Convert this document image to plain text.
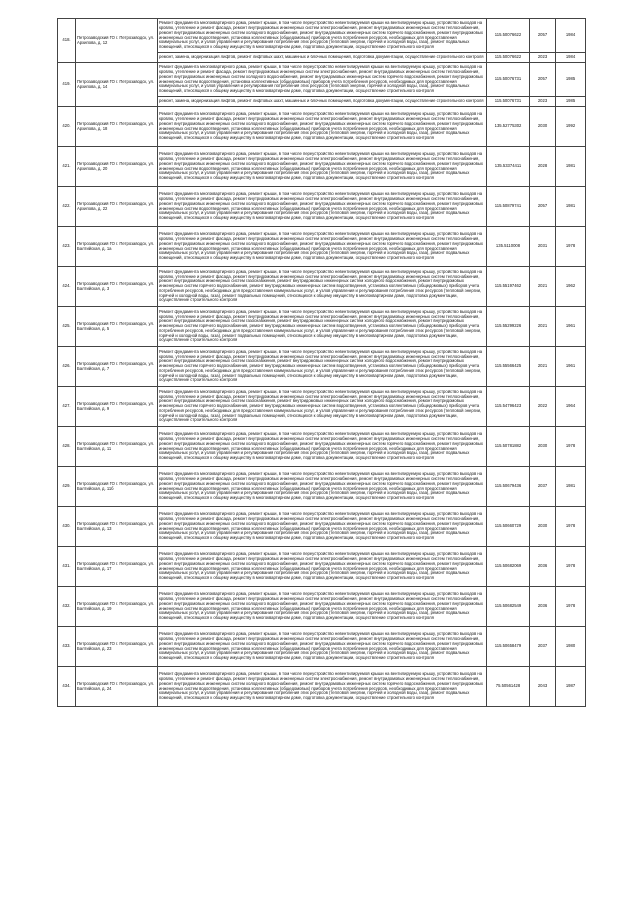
418.	Петрозаводский ГО г. Петрозаводск, ул. Архипова, д. 12	Ремонт фундамента многоквартирного дома, ремонт крыши, в том числе переустройство невентилируемой крыши на вентилируемую крышу, устройство выходов на кровлю, утепление и ремонт фасада, ремонт внутридомовых инженерных систем электроснабжения, ремонт внутридомовых инженерных систем теплоснабжения, ремонт внутридомовых инженерных систем холодного водоснабжения, ремонт внутридомовых инженерных систем горячего водоснабжения, ремонт внутридомовых инженерных систем водоотведения, установка коллективных (общедомовых) приборов учета потребления ресурсов, необходимых для предоставления коммунальных услуг, и узлов управления и регулирования потребления этих ресурсов (тепловой энергии, горячей и холодной воды, газа), ремонт подвальных помещений, относящихся к общему имуществу в многоквартирном доме, подготовка документации, осуществление строительного контроля	115.50076622	2057	1984

		ремонт, замена, модернизация лифтов, ремонт лифтовых шахт, машинных и блочных помещений, подготовка документации, осуществление строительного контроля	115.50076622	2023	1984

419.	Петрозаводский ГО г. Петрозаводск, ул. Архипова, д. 14	Ремонт фундамента многоквартирного дома, ремонт крыши, в том числе переустройство невентилируемой крыши на вентилируемую крышу, устройство выходов на кровлю, утепление и ремонт фасада, ремонт внутридомовых инженерных систем электроснабжения, ремонт внутридомовых инженерных систем теплоснабжения, ремонт внутридомовых инженерных систем холодного водоснабжения, ремонт внутридомовых инженерных систем горячего водоснабжения, ремонт внутридомовых инженерных систем водоотведения, установка коллективных (общедомовых) приборов учета потребления ресурсов, необходимых для предоставления коммунальных услуг, и узлов управления и регулирования потребления этих ресурсов (тепловой энергии, горячей и холодной воды, газа), ремонт подвальных помещений, относящихся к общему имуществу в многоквартирном доме, подготовка документации, осуществление строительного контроля	115.50076731	2057	1985

		ремонт, замена, модернизация лифтов, ремонт лифтовых шахт, машинных и блочных помещений, подготовка документации, осуществление строительного контроля	115.50076731	2023	1985

420.	Петрозаводский ГО г. Петрозаводск, ул. Архипова, д. 18	Ремонт фундамента многоквартирного дома, ремонт крыши, в том числе переустройство невентилируемой крыши на вентилируемую крышу, устройство выходов на кровлю, утепление и ремонт фасада, ремонт внутридомовых инженерных систем электроснабжения, ремонт внутридомовых инженерных систем теплоснабжения, ремонт внутридомовых инженерных систем холодного водоснабжения, ремонт внутридомовых инженерных систем горячего водоснабжения, ремонт внутридомовых инженерных систем водоотведения, установка коллективных (общедомовых) приборов учета потребления ресурсов, необходимых для предоставления коммунальных услуг, и узлов управления и регулирования потребления этих ресурсов (тепловой энергии, горячей и холодной воды, газа), ремонт подвальных помещений, относящихся к общему имуществу в многоквартирном доме, подготовка документации, осуществление строительного контроля	135.52775302	2030	1992

421.	Петрозаводский ГО г. Петрозаводск, ул. Архипова, д. 20	Ремонт фундамента многоквартирного дома, ремонт крыши, в том числе переустройство невентилируемой крыши на вентилируемую крышу, устройство выходов на кровлю, утепление и ремонт фасада, ремонт внутридомовых инженерных систем электроснабжения, ремонт внутридомовых инженерных систем теплоснабжения, ремонт внутридомовых инженерных систем холодного водоснабжения, ремонт внутридомовых инженерных систем горячего водоснабжения, ремонт внутридомовых инженерных систем водоотведения, установка коллективных (общедомовых) приборов учета потребления ресурсов, необходимых для предоставления коммунальных услуг, и узлов управления и регулирования потребления этих ресурсов (тепловой энергии, горячей и холодной воды, газа), ремонт подвальных помещений, относящихся к общему имуществу в многоквартирном доме, подготовка документации, осуществление строительного контроля	135.53374411	2028	1981

422.	Петрозаводский ГО г. Петрозаводск, ул. Архипова, д. 22	Ремонт фундамента многоквартирного дома, ремонт крыши, в том числе переустройство невентилируемой крыши на вентилируемую крышу, устройство выходов на кровлю, утепление и ремонт фасада, ремонт внутридомовых инженерных систем электроснабжения, ремонт внутридомовых инженерных систем теплоснабжения, ремонт внутридомовых инженерных систем холодного водоснабжения, ремонт внутридомовых инженерных систем горячего водоснабжения, ремонт внутридомовых инженерных систем водоотведения, установка коллективных (общедомовых) приборов учета потребления ресурсов, необходимых для предоставления коммунальных услуг, и узлов управления и регулирования потребления этих ресурсов (тепловой энергии, горячей и холодной воды, газа), ремонт подвальных помещений, относящихся к общему имуществу в многоквартирном доме, подготовка документации, осуществление строительного контроля	115.50879741	2057	1981

423.	Петрозаводский ГО г. Петрозаводск, ул. Балтийская, д. 1а	Ремонт фундамента многоквартирного дома, ремонт крыши, в том числе переустройство невентилируемой крыши на вентилируемую крышу, устройство выходов на кровлю, утепление и ремонт фасада, ремонт внутридомовых инженерных систем электроснабжения, ремонт внутридомовых инженерных систем теплоснабжения, ремонт внутридомовых инженерных систем холодного водоснабжения, ремонт внутридомовых инженерных систем горячего водоснабжения, ремонт внутридомовых инженерных систем водоотведения, установка коллективных (общедомовых) приборов учета потребления ресурсов, необходимых для предоставления коммунальных услуг, и узлов управления и регулирования потребления этих ресурсов (тепловой энергии, горячей и холодной воды, газа), ремонт подвальных помещений, относящихся к общему имуществу в многоквартирном доме, подготовка документации, осуществление строительного контроля	135.5110008	2031	1978

424.	Петрозаводский ГО г. Петрозаводск, ул. Балтийская, д. 3	Ремонт фундамента многоквартирного дома, ремонт крыши, в том числе переустройство невентилируемой крыши на вентилируемую крышу, устройство выходов на кровлю, утепление и ремонт фасада, ремонт внутридомовых инженерных систем электроснабжения, ремонт внутридомовых инженерных систем теплоснабжения, ремонт внутридомовых инженерных систем газоснабжения, ремонт внутридомовых инженерных систем холодного водоснабжения, ремонт внутридомовых инженерных систем горячего водоснабжения, ремонт внутридомовых инженерных систем водоотведения, установка коллективных (общедомовых) приборов учета потребления ресурсов, необходимых для предоставления коммунальных услуг, и узлов управления и регулирования потребления этих ресурсов (тепловой энергии, горячей и холодной воды, газа), ремонт подвальных помещений, относящихся к общему имуществу в многоквартирном доме, подготовка документации, осуществление строительного контроля	115.55197462	2021	1962

425.	Петрозаводский ГО г. Петрозаводск, ул. Балтийская, д. 5	Ремонт фундамента многоквартирного дома, ремонт крыши, в том числе переустройство невентилируемой крыши на вентилируемую крышу, устройство выходов на кровлю, утепление и ремонт фасада, ремонт внутридомовых инженерных систем электроснабжения, ремонт внутридомовых инженерных систем теплоснабжения, ремонт внутридомовых инженерных систем газоснабжения, ремонт внутридомовых инженерных систем холодного водоснабжения, ремонт внутридомовых инженерных систем горячего водоснабжения, ремонт внутридомовых инженерных систем водоотведения, установка коллективных (общедомовых) приборов учета потребления ресурсов, необходимых для предоставления коммунальных услуг, и узлов управления и регулирования потребления этих ресурсов (тепловой энергии, горячей и холодной воды, газа), ремонт подвальных помещений, относящихся к общему имуществу в многоквартирном доме, подготовка документации, осуществление строительного контроля	115.55299226	2021	1961

426.	Петрозаводский ГО г. Петрозаводск, ул. Балтийская, д. 7	Ремонт фундамента многоквартирного дома, ремонт крыши, в том числе переустройство невентилируемой крыши на вентилируемую крышу, устройство выходов на кровлю, утепление и ремонт фасада, ремонт внутридомовых инженерных систем электроснабжения, ремонт внутридомовых инженерных систем теплоснабжения, ремонт внутридомовых инженерных систем газоснабжения, ремонт внутридомовых инженерных систем холодного водоснабжения, ремонт внутридомовых инженерных систем горячего водоснабжения, ремонт внутридомовых инженерных систем водоотведения, установка коллективных (общедомовых) приборов учета потребления ресурсов, необходимых для предоставления коммунальных услуг, и узлов управления и регулирования потребления этих ресурсов (тепловой энергии, горячей и холодной воды, газа), ремонт подвальных помещений, относящихся к общему имуществу в многоквартирном доме, подготовка документации, осуществление строительного контроля	115.55566425	2021	1961

427.	Петрозаводский ГО г. Петрозаводск, ул. Балтийская, д. 9	Ремонт фундамента многоквартирного дома, ремонт крыши, в том числе переустройство невентилируемой крыши на вентилируемую крышу, устройство выходов на кровлю, утепление и ремонт фасада, ремонт внутридомовых инженерных систем электроснабжения, ремонт внутридомовых инженерных систем теплоснабжения, ремонт внутридомовых инженерных систем газоснабжения, ремонт внутридомовых инженерных систем холодного водоснабжения, ремонт внутридомовых инженерных систем горячего водоснабжения, ремонт внутридомовых инженерных систем водоотведения, установка коллективных (общедомовых) приборов учета потребления ресурсов, необходимых для предоставления коммунальных услуг, и узлов управления и регулирования потребления этих ресурсов (тепловой энергии, горячей и холодной воды, газа), ремонт подвальных помещений, относящихся к общему имуществу в многоквартирном доме, подготовка документации, осуществление строительного контроля	115.54796423	2022	1964

428.	Петрозаводский ГО г. Петрозаводск, ул. Балтийская, д. 11	Ремонт фундамента многоквартирного дома, ремонт крыши, в том числе переустройство невентилируемой крыши на вентилируемую крышу, устройство выходов на кровлю, утепление и ремонт фасада, ремонт внутридомовых инженерных систем электроснабжения, ремонт внутридомовых инженерных систем теплоснабжения, ремонт внутридомовых инженерных систем холодного водоснабжения, ремонт внутридомовых инженерных систем горячего водоснабжения, ремонт внутридомовых инженерных систем водоотведения, установка коллективных (общедомовых) приборов учета потребления ресурсов, необходимых для предоставления коммунальных услуг, и узлов управления и регулирования потребления этих ресурсов (тепловой энергии, горячей и холодной воды, газа), ремонт подвальных помещений, относящихся к общему имуществу в многоквартирном доме, подготовка документации, осуществление строительного контроля	115.50781882	2030	1978

429.	Петрозаводский ГО г. Петрозаводск, ул. Балтийская, д. 11б	Ремонт фундамента многоквартирного дома, ремонт крыши, в том числе переустройство невентилируемой крыши на вентилируемую крышу, устройство выходов на кровлю, утепление и ремонт фасада, ремонт внутридомовых инженерных систем электроснабжения, ремонт внутридомовых инженерных систем теплоснабжения, ремонт внутридомовых инженерных систем холодного водоснабжения, ремонт внутридомовых инженерных систем горячего водоснабжения, ремонт внутридомовых инженерных систем водоотведения, установка коллективных (общедомовых) приборов учета потребления ресурсов, необходимых для предоставления коммунальных услуг, и узлов управления и регулирования потребления этих ресурсов (тепловой энергии, горячей и холодной воды, газа), ремонт подвальных помещений, относящихся к общему имуществу в многоквартирном доме, подготовка документации, осуществление строительного контроля	115.50679436	2037	1981

430.	Петрозаводский ГО г. Петрозаводск, ул. Балтийская, д. 13	Ремонт фундамента многоквартирного дома, ремонт крыши, в том числе переустройство невентилируемой крыши на вентилируемую крышу, устройство выходов на кровлю, утепление и ремонт фасада, ремонт внутридомовых инженерных систем электроснабжения, ремонт внутридомовых инженерных систем теплоснабжения, ремонт внутридомовых инженерных систем холодного водоснабжения, ремонт внутридомовых инженерных систем горячего водоснабжения, ремонт внутридомовых инженерных систем водоотведения, установка коллективных (общедомовых) приборов учета потребления ресурсов, необходимых для предоставления коммунальных услуг, и узлов управления и регулирования потребления этих ресурсов (тепловой энергии, горячей и холодной воды, газа), ремонт подвальных помещений, относящихся к общему имуществу в многоквартирном доме, подготовка документации, осуществление строительного контроля	115.50660729	2030	1978

431.	Петрозаводский ГО г. Петрозаводск, ул. Балтийская, д. 17	Ремонт фундамента многоквартирного дома, ремонт крыши, в том числе переустройство невентилируемой крыши на вентилируемую крышу, устройство выходов на кровлю, утепление и ремонт фасада, ремонт внутридомовых инженерных систем электроснабжения, ремонт внутридомовых инженерных систем теплоснабжения, ремонт внутридомовых инженерных систем холодного водоснабжения, ремонт внутридомовых инженерных систем горячего водоснабжения, ремонт внутридомовых инженерных систем водоотведения, установка коллективных (общедомовых) приборов учета потребления ресурсов, необходимых для предоставления коммунальных услуг, и узлов управления и регулирования потребления этих ресурсов (тепловой энергии, горячей и холодной воды, газа), ремонт подвальных помещений, относящихся к общему имуществу в многоквартирном доме, подготовка документации, осуществление строительного контроля	115.50682069	2036	1978

432.	Петрозаводский ГО г. Петрозаводск, ул. Балтийская, д. 19	Ремонт фундамента многоквартирного дома, ремонт крыши, в том числе переустройство невентилируемой крыши на вентилируемую крышу, устройство выходов на кровлю, утепление и ремонт фасада, ремонт внутридомовых инженерных систем электроснабжения, ремонт внутридомовых инженерных систем теплоснабжения, ремонт внутридомовых инженерных систем холодного водоснабжения, ремонт внутридомовых инженерных систем горячего водоснабжения, ремонт внутридомовых инженерных систем водоотведения, установка коллективных (общедомовых) приборов учета потребления ресурсов, необходимых для предоставления коммунальных услуг, и узлов управления и регулирования потребления этих ресурсов (тепловой энергии, горячей и холодной воды, газа), ремонт подвальных помещений, относящихся к общему имуществу в многоквартирном доме, подготовка документации, осуществление строительного контроля	115.50682549	2036	1978

433.	Петрозаводский ГО г. Петрозаводск, ул. Балтийская, д. 23	Ремонт фундамента многоквартирного дома, ремонт крыши, в том числе переустройство невентилируемой крыши на вентилируемую крышу, устройство выходов на кровлю, утепление и ремонт фасада, ремонт внутридомовых инженерных систем электроснабжения, ремонт внутридомовых инженерных систем теплоснабжения, ремонт внутридомовых инженерных систем холодного водоснабжения, ремонт внутридомовых инженерных систем горячего водоснабжения, ремонт внутридомовых инженерных систем водоотведения, установка коллективных (общедомовых) приборов учета потребления ресурсов, необходимых для предоставления коммунальных услуг, и узлов управления и регулирования потребления этих ресурсов (тепловой энергии, горячей и холодной воды, газа), ремонт подвальных помещений, относящихся к общему имуществу в многоквартирном доме, подготовка документации, осуществление строительного контроля	115.50658479	2037	1980

434.	Петрозаводский ГО г. Петрозаводск, ул. Балтийская, д. 24	Ремонт фундамента многоквартирного дома, ремонт крыши, в том числе переустройство невентилируемой крыши на вентилируемую крышу, устройство выходов на кровлю, утепление и ремонт фасада, ремонт внутридомовых инженерных систем электроснабжения, ремонт внутридомовых инженерных систем теплоснабжения, ремонт внутридомовых инженерных систем холодного водоснабжения, ремонт внутридомовых инженерных систем горячего водоснабжения, ремонт внутридомовых инженерных систем водоотведения, установка коллективных (общедомовых) приборов учета потребления ресурсов, необходимых для предоставления коммунальных услуг, и узлов управления и регулирования потребления этих ресурсов (тепловой энергии, горячей и холодной воды, газа), ремонт подвальных помещений, относящихся к общему имуществу в многоквартирном доме, подготовка документации, осуществление строительного контроля	75.50561428	2043	1987
